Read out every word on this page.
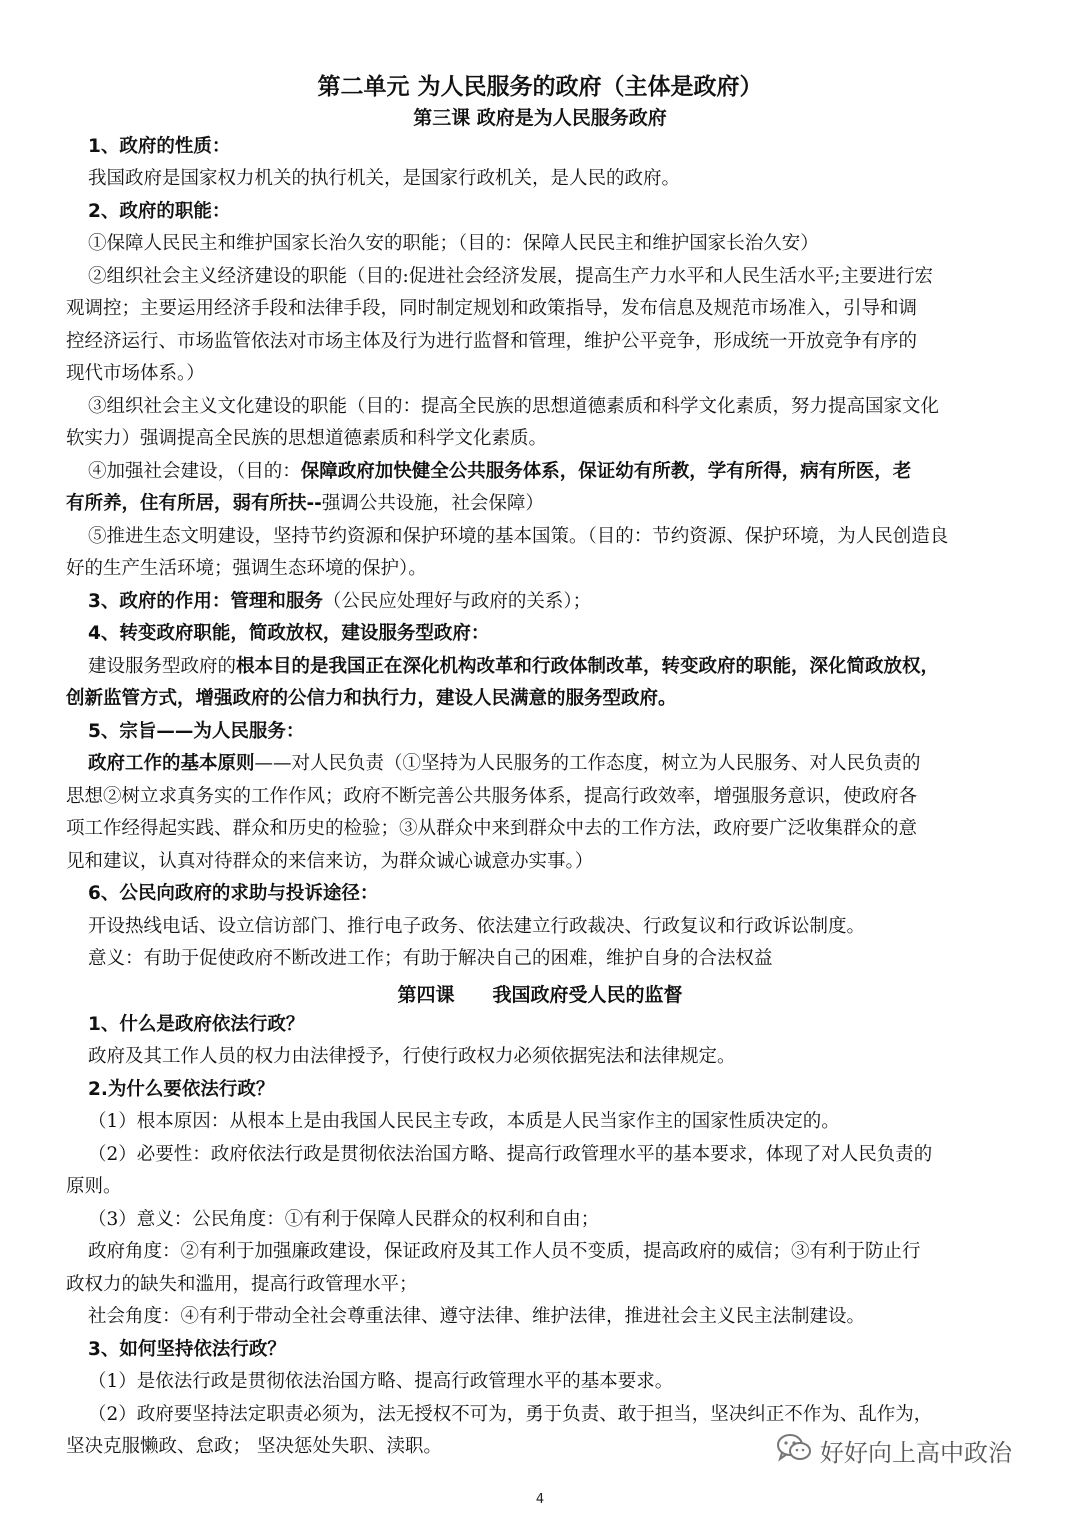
第二单元 为人民服务的政府（主体是政府）
第三课 政府是为人民服务政府
1、政府的性质：
我国政府是国家权力机关的执行机关，是国家行政机关，是人民的政府。
2、政府的职能：
①保障人民民主和维护国家长治久安的职能；（目的：保障人民民主和维护国家长治久安）
②组织社会主义经济建设的职能（目的:促进社会经济发展，提高生产力水平和人民生活水平;主要进行宏
观调控；主要运用经济手段和法律手段，同时制定规划和政策指导，发布信息及规范市场准入，引导和调
控经济运行、市场监管依法对市场主体及行为进行监督和管理，维护公平竞争，形成统一开放竞争有序的
现代市场体系。）
③组织社会主义文化建设的职能（目的：提高全民族的思想道德素质和科学文化素质，努力提高国家文化
软实力）强调提高全民族的思想道德素质和科学文化素质。
④加强社会建设，（目的：保障政府加快健全公共服务体系，保证幼有所教，学有所得，病有所医，老
有所养，住有所居，弱有所扶--强调公共设施，社会保障）
⑤推进生态文明建设，坚持节约资源和保护环境的基本国策。（目的：节约资源、保护环境，为人民创造良
好的生产生活环境；强调生态环境的保护）。
3、政府的作用：管理和服务（公民应处理好与政府的关系）；
4、转变政府职能，简政放权，建设服务型政府：
建设服务型政府的根本目的是我国正在深化机构改革和行政体制改革，转变政府的职能，深化简政放权，
创新监管方式，增强政府的公信力和执行力，建设人民满意的服务型政府。
5、宗旨——为人民服务：
政府工作的基本原则——对人民负责（①坚持为人民服务的工作态度，树立为人民服务、对人民负责的
思想②树立求真务实的工作作风；政府不断完善公共服务体系，提高行政效率，增强服务意识，使政府各
项工作经得起实践、群众和历史的检验；③从群众中来到群众中去的工作方法，政府要广泛收集群众的意
见和建议，认真对待群众的来信来访，为群众诚心诚意办实事。）
6、公民向政府的求助与投诉途径：
开设热线电话、设立信访部门、推行电子政务、依法建立行政裁决、行政复议和行政诉讼制度。
意义：有助于促使政府不断改进工作；有助于解决自己的困难，维护自身的合法权益
第四课　　我国政府受人民的监督
1、什么是政府依法行政？
政府及其工作人员的权力由法律授予，行使行政权力必须依据宪法和法律规定。
2.为什么要依法行政？
（1）根本原因：从根本上是由我国人民民主专政，本质是人民当家作主的国家性质决定的。
（2）必要性：政府依法行政是贯彻依法治国方略、提高行政管理水平的基本要求，体现了对人民负责的
原则。
（3）意义：公民角度：①有利于保障人民群众的权利和自由；
政府角度：②有利于加强廉政建设，保证政府及其工作人员不变质，提高政府的威信；③有利于防止行
政权力的缺失和滥用，提高行政管理水平；
社会角度：④有利于带动全社会尊重法律、遵守法律、维护法律，推进社会主义民主法制建设。
3、如何坚持依法行政？
（1）是依法行政是贯彻依法治国方略、提高行政管理水平的基本要求。
（2）政府要坚持法定职责必须为，法无授权不可为，勇于负责、敢于担当，坚决纠正不作为、乱作为，
坚决克服懒政、怠政； 坚决惩处失职、渎职。	好好向上高中政治
4
